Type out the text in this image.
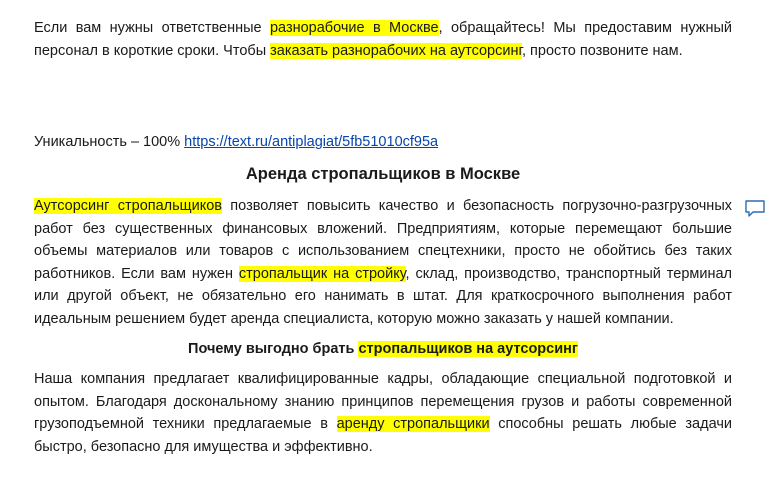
Если вам нужны ответственные разнорабочие в Москве, обращайтесь! Мы предоставим нужный персонал в короткие сроки. Чтобы заказать разнорабочих на аутсорсинг, просто позвоните нам.

Уникальность – 100% https://text.ru/antiplagiat/5fb51010cf95a
Аренда стропальщиков в Москве

Аутсорсинг стропальщиков позволяет повысить качество и безопасность погрузочно-разгрузочных работ без существенных финансовых вложений. Предприятиям, которые перемещают большие объемы материалов или товаров с использованием спецтехники, просто не обойтись без таких работников. Если вам нужен стропальщик на стройку, склад, производство, транспортный терминал или другой объект, не обязательно его нанимать в штат. Для краткосрочного выполнения работ идеальным решением будет аренда специалиста, которую можно заказать у нашей компании.

Почему выгодно брать стропальщиков на аутсорсинг

Наша компания предлагает квалифицированные кадры, обладающие специальной подготовкой и опытом. Благодаря доскональному знанию принципов перемещения грузов и работы современной грузоподъемной техники предлагаемые в аренду стропальщики способны решать любые задачи быстро, безопасно для имущества и эффективно.
